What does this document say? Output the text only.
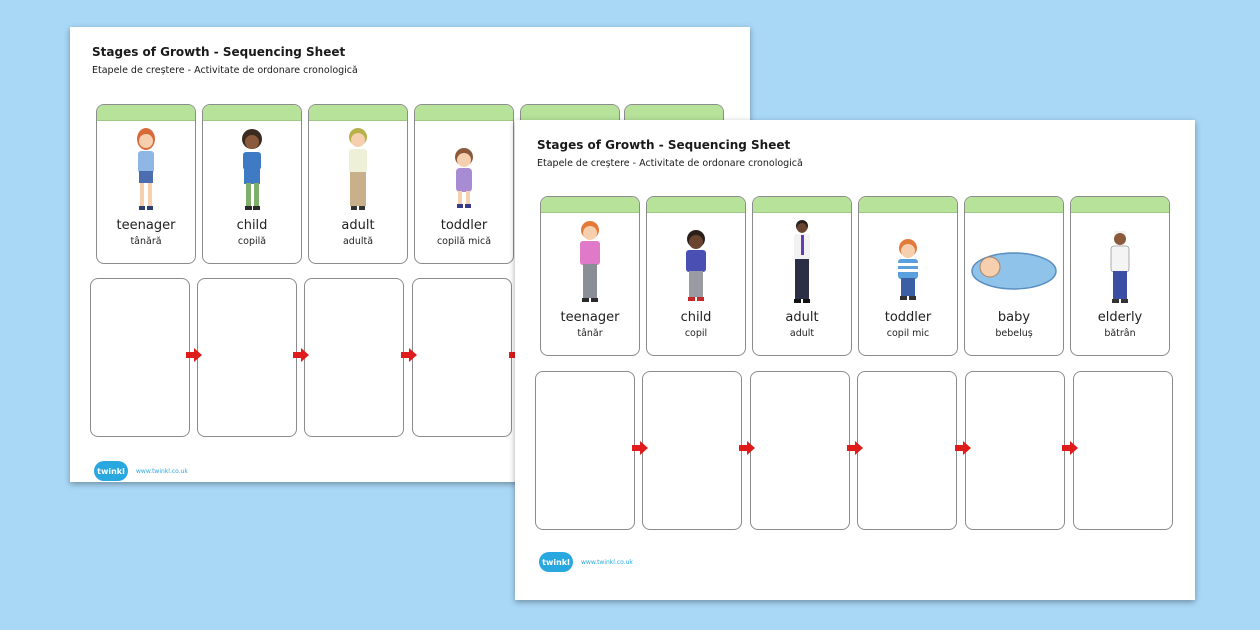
Stages of Growth - Sequencing Sheet
Etapele de creștere - Activitate de ordonare cronologică
teenager
tânără
child
copilă
adult
adultă
toddler
copilă mică
twinkl	www.twinkl.co.uk
Stages of Growth - Sequencing Sheet
Etapele de creștere - Activitate de ordonare cronologică
teenager
tânăr
child
copil
adult
adult
toddler
copil mic
baby
bebeluș
elderly
bătrân
twinkl	www.twinkl.co.uk
